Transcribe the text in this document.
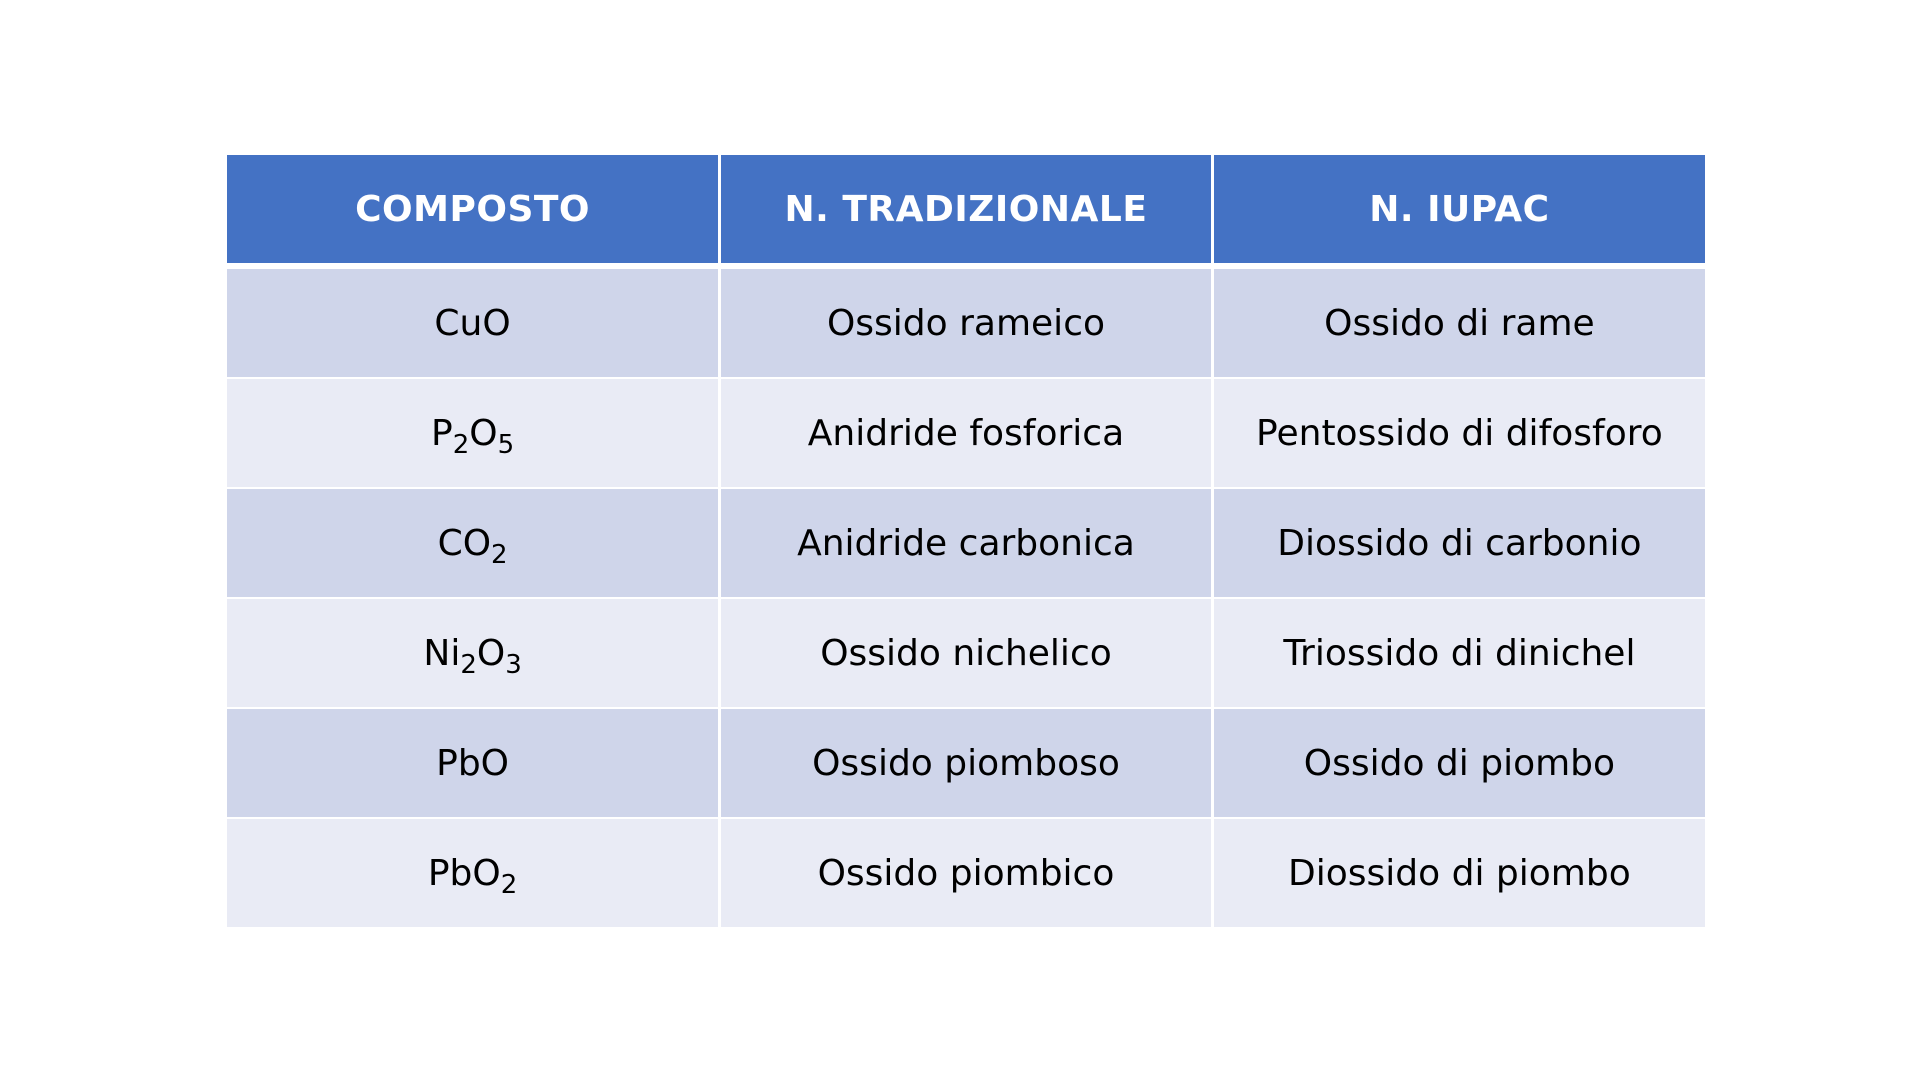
COMPOSTO	N. TRADIZIONALE	N. IUPAC
CuO	Ossido rameico	Ossido di rame
$P_2O_5$	Anidride fosforica	Pentossido di difosforo
$CO_2$	Anidride carbonica	Diossido di carbonio
$Ni_2O_3$	Ossido nichelico	Triossido di dinichel
PbO	Ossido piomboso	Ossido di piombo
PbO$_2$	Ossido piombico	Diossido di piombo
